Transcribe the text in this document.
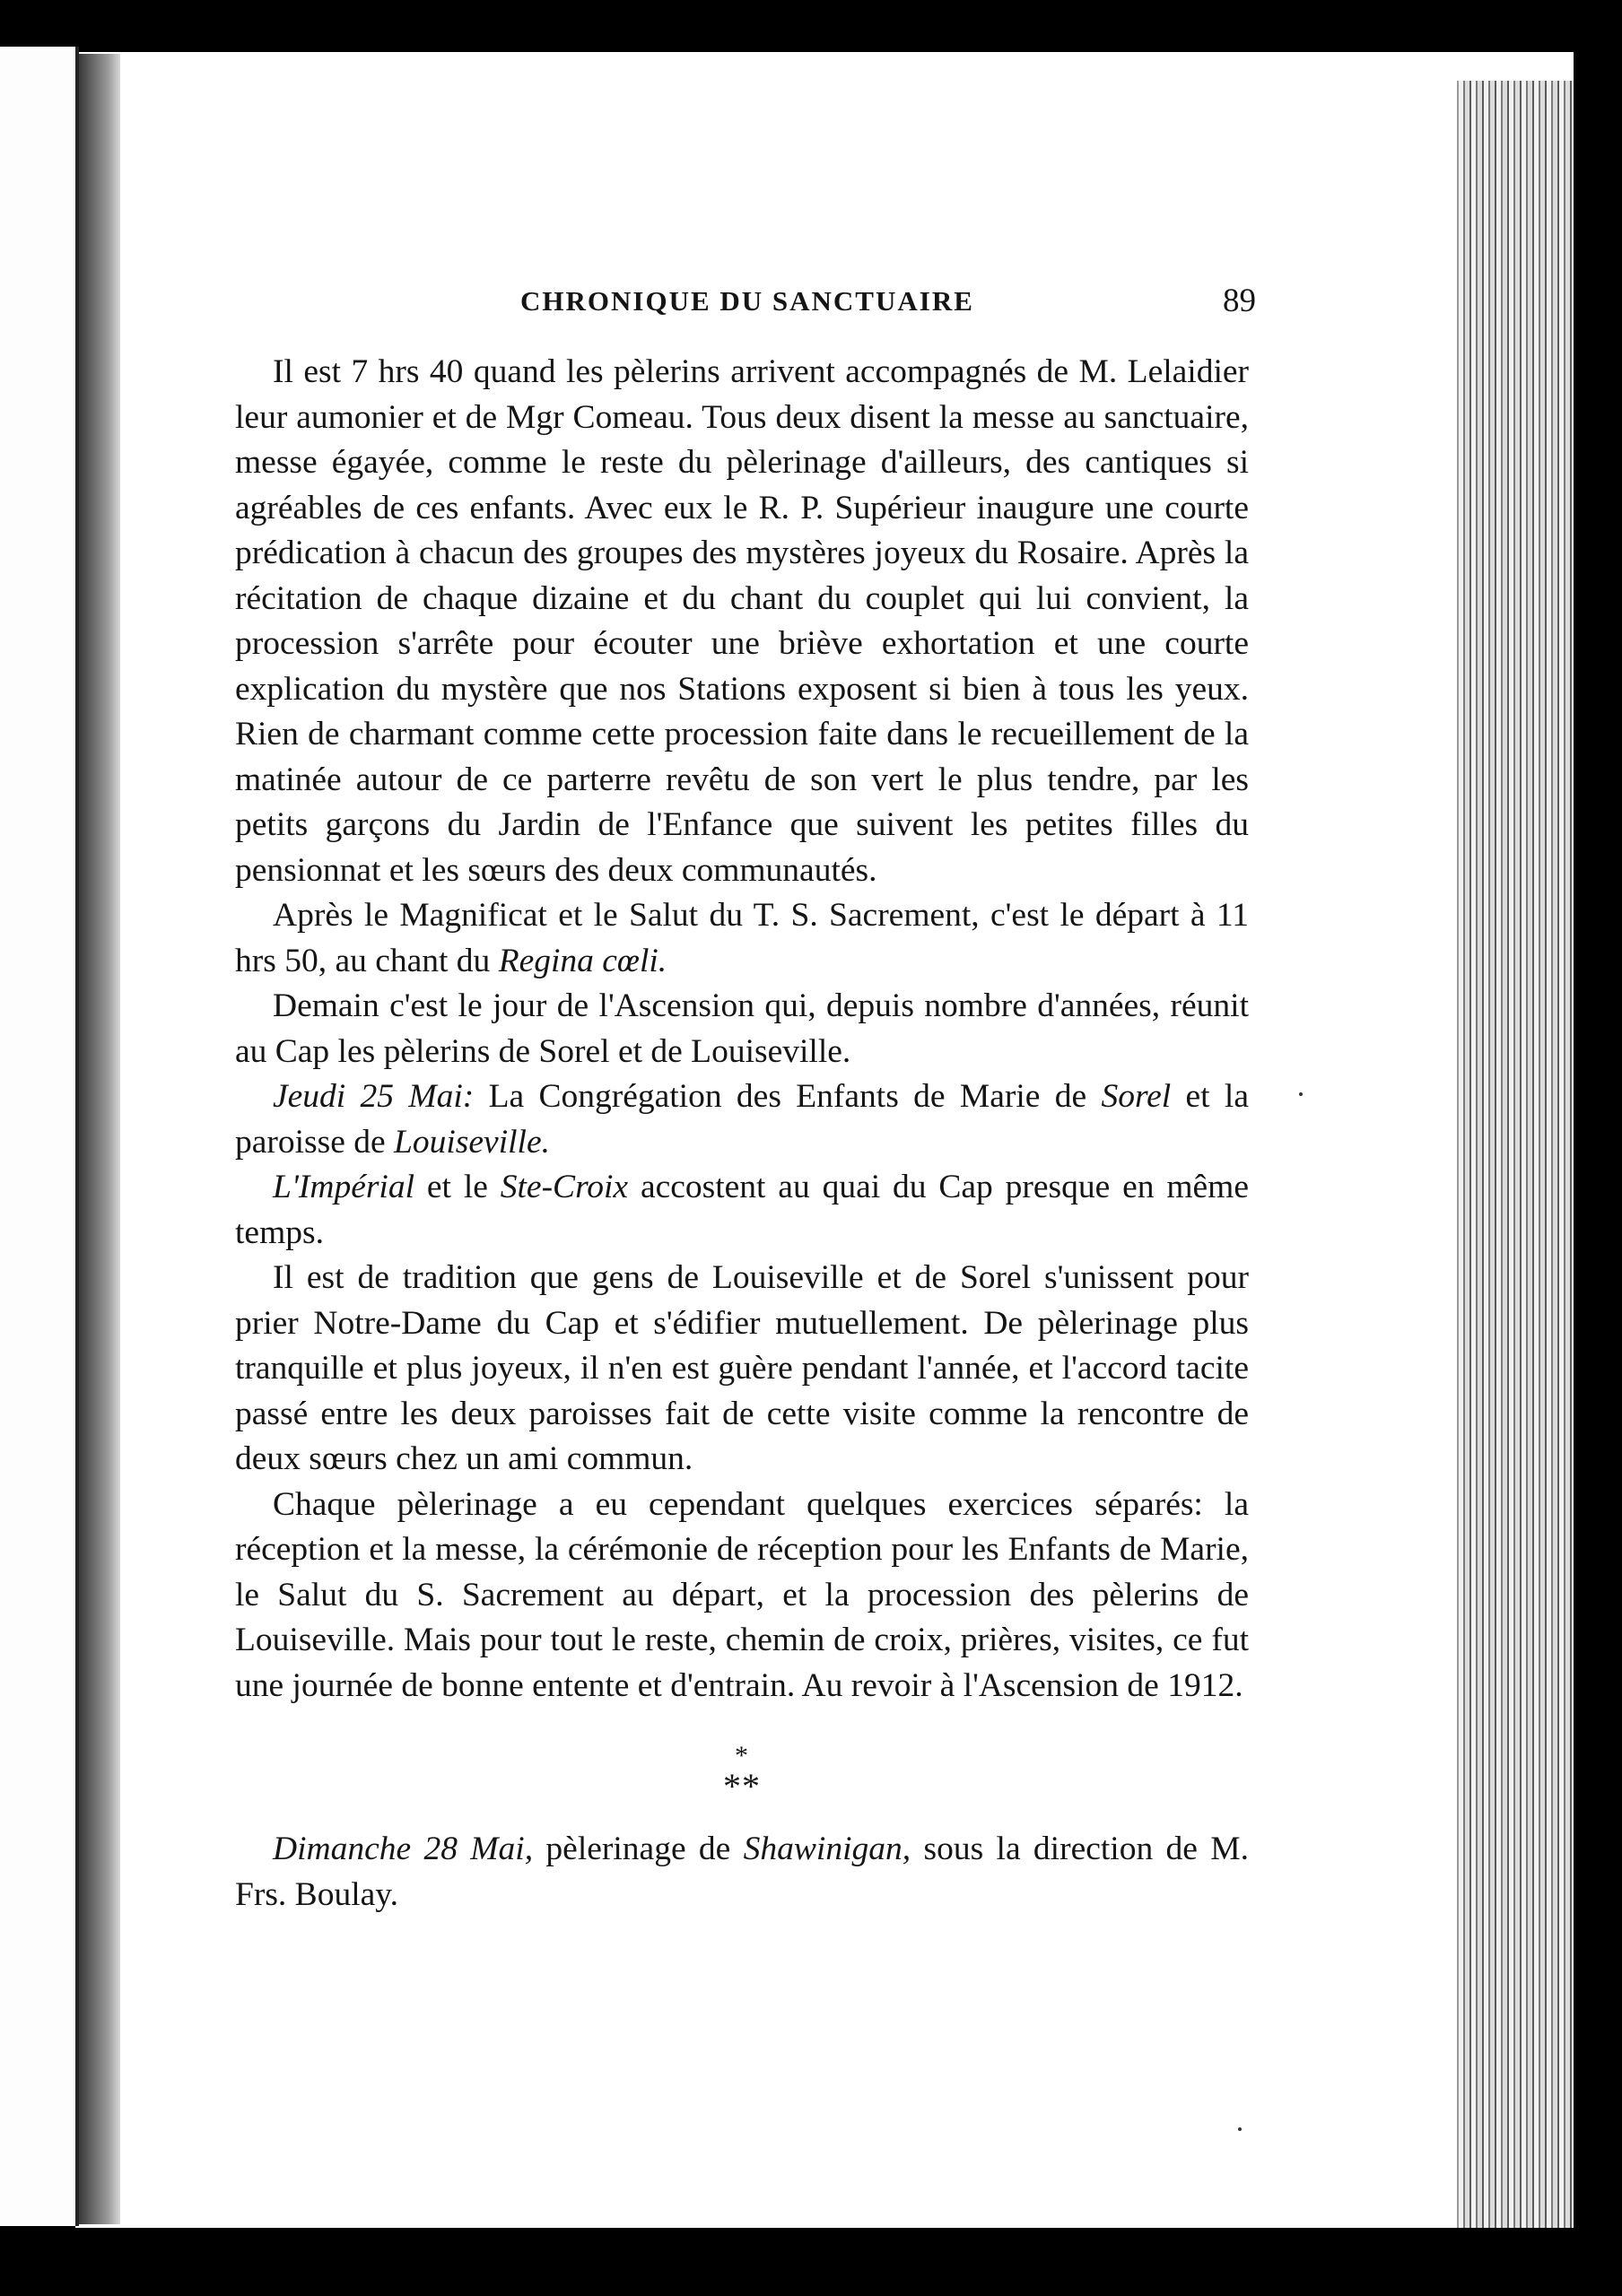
CHRONIQUE DU SANCTUAIRE	89

Il est 7 hrs 40 quand les pèlerins arrivent accompagnés de M. Lelaidier leur aumonier et de Mgr Comeau. Tous deux disent la messe au sanctuaire, messe égayée, comme le reste du pèlerinage d'ailleurs, des cantiques si agréables de ces enfants. Avec eux le R. P. Supérieur inaugure une courte prédication à chacun des groupes des mystères joyeux du Rosaire. Après la récitation de chaque dizaine et du chant du couplet qui lui convient, la procession s'arrête pour écouter une briève exhortation et une courte explication du mystère que nos Stations exposent si bien à tous les yeux. Rien de charmant comme cette procession faite dans le recueillement de la matinée autour de ce parterre revêtu de son vert le plus tendre, par les petits garçons du Jardin de l'Enfance que suivent les petites filles du pensionnat et les sœurs des deux communautés.

Après le Magnificat et le Salut du T. S. Sacrement, c'est le départ à 11 hrs 50, au chant du Regina cœli.

Demain c'est le jour de l'Ascension qui, depuis nombre d'années, réunit au Cap les pèlerins de Sorel et de Louiseville.

Jeudi 25 Mai: La Congrégation des Enfants de Marie de Sorel et la paroisse de Louiseville.

L'Impérial et le Ste-Croix accostent au quai du Cap presque en même temps.

Il est de tradition que gens de Louiseville et de Sorel s'unissent pour prier Notre-Dame du Cap et s'édifier mutuellement. De pèlerinage plus tranquille et plus joyeux, il n'en est guère pendant l'année, et l'accord tacite passé entre les deux paroisses fait de cette visite comme la rencontre de deux sœurs chez un ami commun.

Chaque pèlerinage a eu cependant quelques exercices séparés: la réception et la messe, la cérémonie de réception pour les Enfants de Marie, le Salut du S. Sacrement au départ, et la procession des pèlerins de Louiseville. Mais pour tout le reste, chemin de croix, prières, visites, ce fut une journée de bonne entente et d'entrain. Au revoir à l'Ascension de 1912.

*
**

Dimanche 28 Mai, pèlerinage de Shawinigan, sous la direction de M. Frs. Boulay.
